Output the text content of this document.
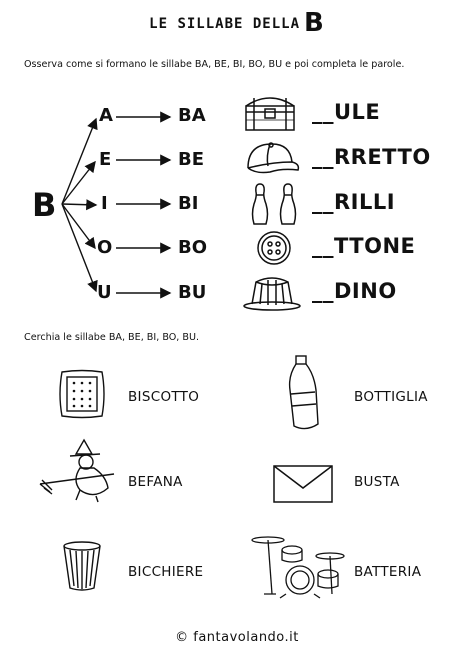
LE SILLABE DELLA B
Osserva come si formano le sillabe BA, BE, BI, BO, BU e poi completa le parole.
B
A
E
I
O
U
BA
BE
BI
BO
BU
__ULE
__RRETTO
__RILLI
__TTONE
__DINO
Cerchia le sillabe BA, BE, BI, BO, BU.
BISCOTTO
BEFANA
BICCHIERE
BOTTIGLIA
BUSTA
BATTERIA
© fantavolando.it
